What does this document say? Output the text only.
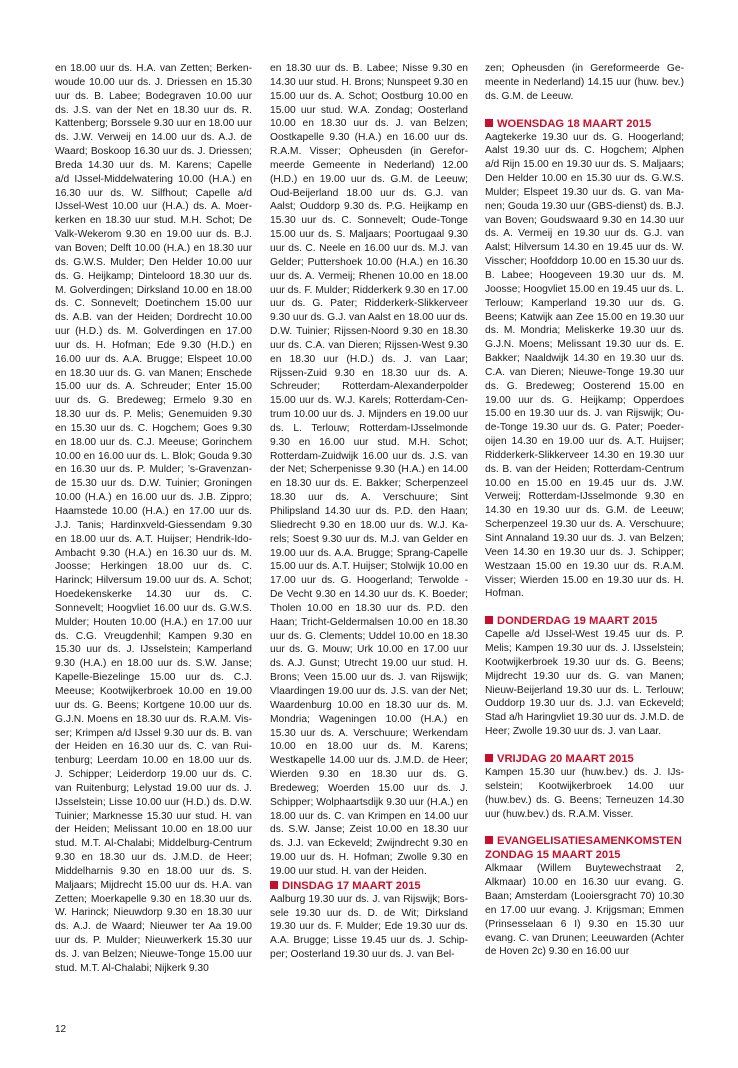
en 18.00 uur ds. H.A. van Zetten; Berkenwoude 10.00 uur ds. J. Driessen en 15.30 uur ds. B. Labee; Bodegraven 10.00 uur ds. J.S. van der Net en 18.30 uur ds. R. Kattenberg; Borssele 9.30 uur en 18.00 uur ds. J.W. Verweij en 14.00 uur ds. A.J. de Waard; Boskoop 16.30 uur ds. J. Driessen; Breda 14.30 uur ds. M. Karens; Capelle a/d IJssel-Middelwatering 10.00 (H.A.) en 16.30 uur ds. W. Silfhout; Capelle a/d IJssel-West 10.00 uur (H.A.) ds. A. Moerkerken en 18.30 uur stud. M.H. Schot; De Valk-Wekerom 9.30 en 19.00 uur ds. B.J. van Boven; Delft 10.00 (H.A.) en 18.30 uur ds. G.W.S. Mulder; Den Helder 10.00 uur ds. G. Heijkamp; Dinteloord 18.30 uur ds. M. Golverdingen; Dirksland 10.00 en 18.00 ds. C. Sonnevelt; Doetinchem 15.00 uur ds. A.B. van der Heiden; Dordrecht 10.00 uur (H.D.) ds. M. Golverdingen en 17.00 uur ds. H. Hofman; Ede 9.30 (H.D.) en 16.00 uur ds. A.A. Brugge; Elspeet 10.00 en 18.30 uur ds. G. van Manen; Enschede 15.00 uur ds. A. Schreuder; Enter 15.00 uur ds. G. Bredeweg; Ermelo 9.30 en 18.30 uur ds. P. Melis; Genemuiden 9.30 en 15.30 uur ds. C. Hogchem; Goes 9.30 en 18.00 uur ds. C.J. Meeuse; Gorinchem 10.00 en 16.00 uur ds. L. Blok; Gouda 9.30 en 16.30 uur ds. P. Mulder; ’s-Gravenzande 15.30 uur ds. D.W. Tuinier; Groningen 10.00 (H.A.) en 16.00 uur ds. J.B. Zippro; Haamstede 10.00 (H.A.) en 17.00 uur ds. J.J. Tanis; Hardinxveld-Giessendam 9.30 en 18.00 uur ds. A.T. Huijser; Hendrik-Ido-Ambacht 9.30 (H.A.) en 16.30 uur ds. M. Joosse; Herkingen 18.00 uur ds. C. Harinck; Hilversum 19.00 uur ds. A. Schot; Hoedekenskerke 14.30 uur ds. C. Sonnevelt; Hoogvliet 16.00 uur ds. G.W.S. Mulder; Houten 10.00 (H.A.) en 17.00 uur ds. C.G. Vreugdenhil; Kampen 9.30 en 15.30 uur ds. J. IJsselstein; Kamperland 9.30 (H.A.) en 18.00 uur ds. S.W. Janse; Kapelle-Biezelinge 15.00 uur ds. C.J. Meeuse; Kootwijkerbroek 10.00 en 19.00 uur ds. G. Beens; Kortgene 10.00 uur ds. G.J.N. Moens en 18.30 uur ds. R.A.M. Visser; Krimpen a/d IJssel 9.30 uur ds. B. van der Heiden en 16.30 uur ds. C. van Ruitenburg; Leerdam 10.00 en 18.00 uur ds. J. Schipper; Leiderdorp 19.00 uur ds. C. van Ruitenburg; Lelystad 19.00 uur ds. J. IJsselstein; Lisse 10.00 uur (H.D.) ds. D.W. Tuinier; Marknesse 15.30 uur stud. H. van der Heiden; Melissant 10.00 en 18.00 uur stud. M.T. Al-Chalabi; Middelburg-Centrum 9.30 en 18.30 uur ds. J.M.D. de Heer; Middelharnis 9.30 en 18.00 uur ds. S. Maljaars; Mijdrecht 15.00 uur ds. H.A. van Zetten; Moerkapelle 9.30 en 18.30 uur ds. W. Harinck; Nieuwdorp 9.30 en 18.30 uur ds. A.J. de Waard; Nieuwer ter Aa 19.00 uur ds. P. Mulder; Nieuwerkerk 15.30 uur ds. J. van Belzen; Nieuwe-Tonge 15.00 uur stud. M.T. Al-Chalabi; Nijkerk 9.30

en 18.30 uur ds. B. Labee; Nisse 9.30 en 14.30 uur stud. H. Brons; Nunspeet 9.30 en 15.00 uur ds. A. Schot; Oostburg 10.00 en 15.00 uur stud. W.A. Zondag; Oosterland 10.00 en 18.30 uur ds. J. van Belzen; Oostkapelle 9.30 (H.A.) en 16.00 uur ds. R.A.M. Visser; Opheusden (in Gereformeerde Gemeente in Nederland) 12.00 (H.D.) en 19.00 uur ds. G.M. de Leeuw; Oud-Beijerland 18.00 uur ds. G.J. van Aalst; Ouddorp 9.30 ds. P.G. Heijkamp en 15.30 uur ds. C. Sonnevelt; Oude-Tonge 15.00 uur ds. S. Maljaars; Poortugaal 9.30 uur ds. C. Neele en 16.00 uur ds. M.J. van Gelder; Puttershoek 10.00 (H.A.) en 16.30 uur ds. A. Vermeij; Rhenen 10.00 en 18.00 uur ds. F. Mulder; Ridderkerk 9.30 en 17.00 uur ds. G. Pater; Ridderkerk-Slikkerveer 9.30 uur ds. G.J. van Aalst en 18.00 uur ds. D.W. Tuinier; Rijssen-Noord 9.30 en 18.30 uur ds. C.A. van Dieren; Rijssen-West 9.30 en 18.30 uur (H.D.) ds. J. van Laar; Rijssen-Zuid 9.30 en 18.30 uur ds. A. Schreuder; Rotterdam-Alexanderpolder 15.00 uur ds. W.J. Karels; Rotterdam-Centrum 10.00 uur ds. J. Mijnders en 19.00 uur ds. L. Terlouw; Rotterdam-IJsselmonde 9.30 en 16.00 uur stud. M.H. Schot; Rotterdam-Zuidwijk 16.00 uur ds. J.S. van der Net; Scherpenisse 9.30 (H.A.) en 14.00 en 18.30 uur ds. E. Bakker; Scherpenzeel 18.30 uur ds. A. Verschuure; Sint Philipsland 14.30 uur ds. P.D. den Haan; Sliedrecht 9.30 en 18.00 uur ds. W.J. Karels; Soest 9.30 uur ds. M.J. van Gelder en 19.00 uur ds. A.A. Brugge; Sprang-Capelle 15.00 uur ds. A.T. Huijser; Stolwijk 10.00 en 17.00 uur ds. G. Hoogerland; Terwolde - De Vecht 9.30 en 14.30 uur ds. K. Boeder; Tholen 10.00 en 18.30 uur ds. P.D. den Haan; Tricht-Geldermalsen 10.00 en 18.30 uur ds. G. Clements; Uddel 10.00 en 18.30 uur ds. G. Mouw; Urk 10.00 en 17.00 uur ds. A.J. Gunst; Utrecht 19.00 uur stud. H. Brons; Veen 15.00 uur ds. J. van Rijswijk; Vlaardingen 19.00 uur ds. J.S. van der Net; Waardenburg 10.00 en 18.30 uur ds. M. Mondria; Wageningen 10.00 (H.A.) en 15.30 uur ds. A. Verschuure; Werkendam 10.00 en 18.00 uur ds. M. Karens; Westkapelle 14.00 uur ds. J.M.D. de Heer; Wierden 9.30 en 18.30 uur ds. G. Bredeweg; Woerden 15.00 uur ds. J. Schipper; Wolphaartsdijk 9.30 uur (H.A.) en 18.00 uur ds. C. van Krimpen en 14.00 uur ds. S.W. Janse; Zeist 10.00 en 18.30 uur ds. J.J. van Eckeveld; Zwijndrecht 9.30 en 19.00 uur ds. H. Hofman; Zwolle 9.30 en 19.00 uur stud. H. van der Heiden.

DINSDAG 17 MAART 2015

Aalburg 19.30 uur ds. J. van Rijswijk; Borssele 19.30 uur ds. D. de Wit; Dirksland 19.30 uur ds. F. Mulder; Ede 19.30 uur ds. A.A. Brugge; Lisse 19.45 uur ds. J. Schipper; Oosterland 19.30 uur ds. J. van Bel-

zen; Opheusden (in Gereformeerde Gemeente in Nederland) 14.15 uur (huw. bev.) ds. G.M. de Leeuw.

WOENSDAG 18 MAART 2015

Aagtekerke 19.30 uur ds. G. Hoogerland; Aalst 19.30 uur ds. C. Hogchem; Alphen a/d Rijn 15.00 en 19.30 uur ds. S. Maljaars; Den Helder 10.00 en 15.30 uur ds. G.W.S. Mulder; Elspeet 19.30 uur ds. G. van Manen; Gouda 19.30 uur (GBS-dienst) ds. B.J. van Boven; Goudswaard 9.30 en 14.30 uur ds. A. Vermeij en 19.30 uur ds. G.J. van Aalst; Hilversum 14.30 en 19.45 uur ds. W. Visscher; Hoofddorp 10.00 en 15.30 uur ds. B. Labee; Hoogeveen 19.30 uur ds. M. Joosse; Hoogvliet 15.00 en 19.45 uur ds. L. Terlouw; Kamperland 19.30 uur ds. G. Beens; Katwijk aan Zee 15.00 en 19.30 uur ds. M. Mondria; Meliskerke 19.30 uur ds. G.J.N. Moens; Melissant 19.30 uur ds. E. Bakker; Naaldwijk 14.30 en 19.30 uur ds. C.A. van Dieren; Nieuwe-Tonge 19.30 uur ds. G. Bredeweg; Oosterend 15.00 en 19.00 uur ds. G. Heijkamp; Opperdoes 15.00 en 19.30 uur ds. J. van Rijswijk; Oude-Tonge 19.30 uur ds. G. Pater; Poederoijen 14.30 en 19.00 uur ds. A.T. Huijser; Ridderkerk-Slikkerveer 14.30 en 19.30 uur ds. B. van der Heiden; Rotterdam-Centrum 10.00 en 15.00 en 19.45 uur ds. J.W. Verweij; Rotterdam-IJsselmonde 9.30 en 14.30 en 19.30 uur ds. G.M. de Leeuw; Scherpenzeel 19.30 uur ds. A. Verschuure; Sint Annaland 19.30 uur ds. J. van Belzen; Veen 14.30 en 19.30 uur ds. J. Schipper; Westzaan 15.00 en 19.30 uur ds. R.A.M. Visser; Wierden 15.00 en 19.30 uur ds. H. Hofman.

DONDERDAG 19 MAART 2015

Capelle a/d IJssel-West 19.45 uur ds. P. Melis; Kampen 19.30 uur ds. J. IJsselstein; Kootwijkerbroek 19.30 uur ds. G. Beens; Mijdrecht 19.30 uur ds. G. van Manen; Nieuw-Beijerland 19.30 uur ds. L. Terlouw; Ouddorp 19.30 uur ds. J.J. van Eckeveld; Stad a/h Haringvliet 19.30 uur ds. J.M.D. de Heer; Zwolle 19.30 uur ds. J. van Laar.

VRIJDAG 20 MAART 2015

Kampen 15.30 uur (huw.bev.) ds. J. IJsselstein; Kootwijkerbroek 14.00 uur (huw.bev.) ds. G. Beens; Terneuzen 14.30 uur (huw.bev.) ds. R.A.M. Visser.

EVANGELISATIESAMENKOMSTEN
ZONDAG 15 MAART 2015

Alkmaar (Willem Buytewechstraat 2, Alkmaar) 10.00 en 16.30 uur evang. G. Baan; Amsterdam (Looiersgracht 70) 10.30 en 17.00 uur evang. J. Krijgsman; Emmen (Prinsesselaan 6 I) 9.30 en 15.30 uur evang. C. van Drunen; Leeuwarden (Achter de Hoven 2c) 9.30 en 16.00 uur

12
